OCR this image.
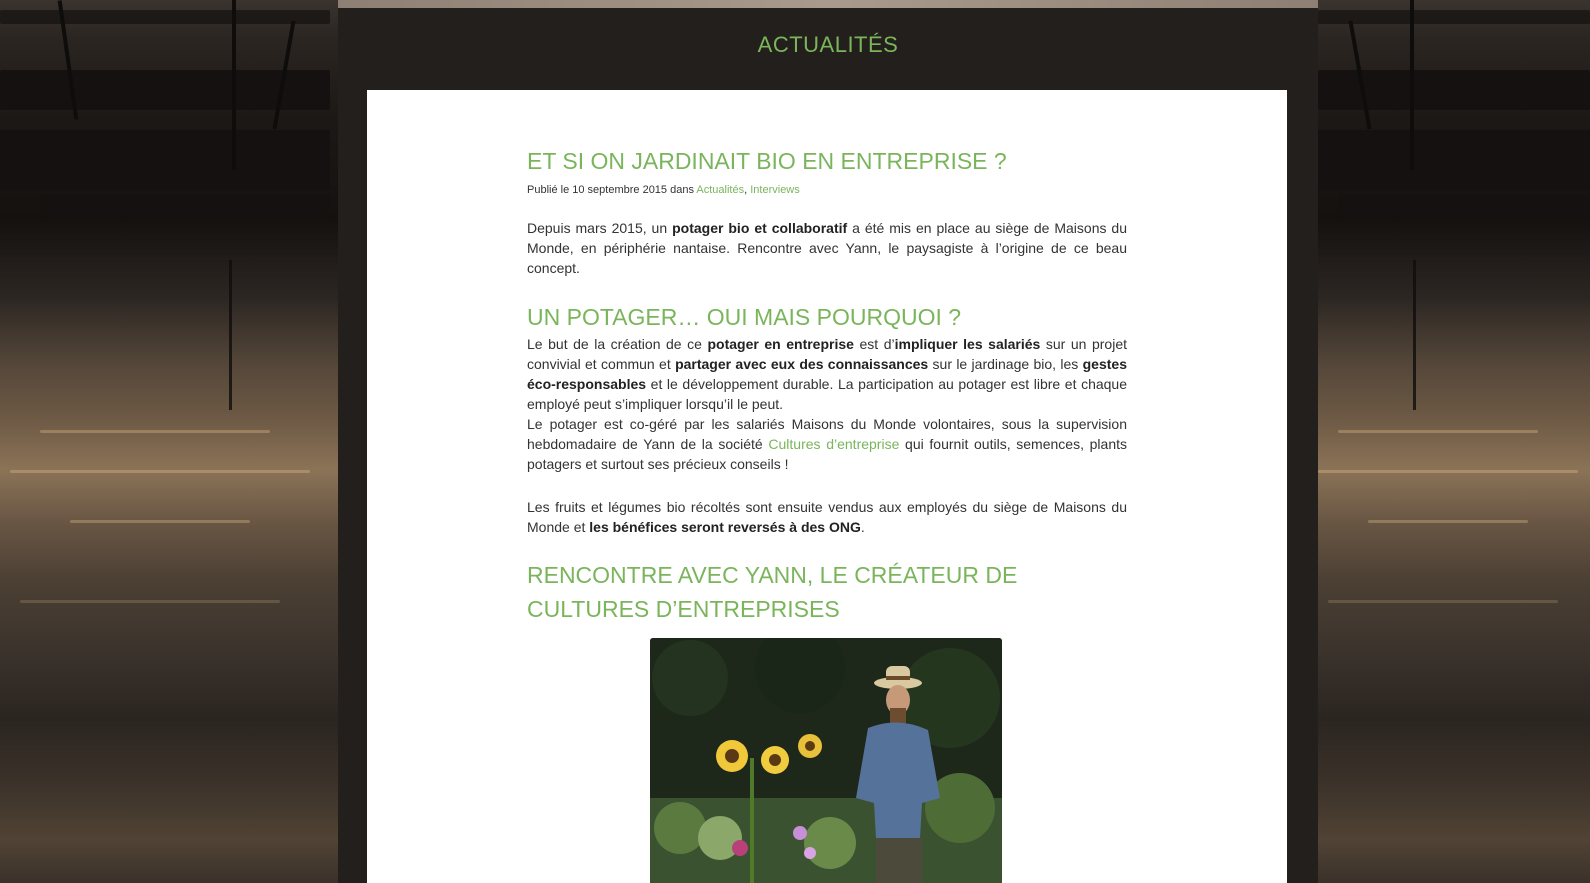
ACTUALITÉS
ET SI ON JARDINAIT BIO EN ENTREPRISE ?
Publié le 10 septembre 2015 dans Actualités, Interviews

Depuis mars 2015, un potager bio et collaboratif a été mis en place au siège de Maisons du Monde, en périphérie nantaise. Rencontre avec Yann, le paysagiste à l’origine de ce beau concept.

UN POTAGER… OUI MAIS POURQUOI ?

Le but de la création de ce potager en entreprise est d’impliquer les salariés sur un projet convivial et commun et partager avec eux des connaissances sur le jardinage bio, les gestes éco-responsables et le développement durable. La participation au potager est libre et chaque employé peut s’impliquer lorsqu’il le peut.

Le potager est co-géré par les salariés Maisons du Monde volontaires, sous la supervision hebdomadaire de Yann de la société Cultures d’entreprise qui fournit outils, semences, plants potagers et surtout ses précieux conseils !

Les fruits et légumes bio récoltés sont ensuite vendus aux employés du siège de Maisons du Monde et les bénéfices seront reversés à des ONG.

RENCONTRE AVEC YANN, LE CRÉATEUR DE CULTURES D’ENTREPRISES
